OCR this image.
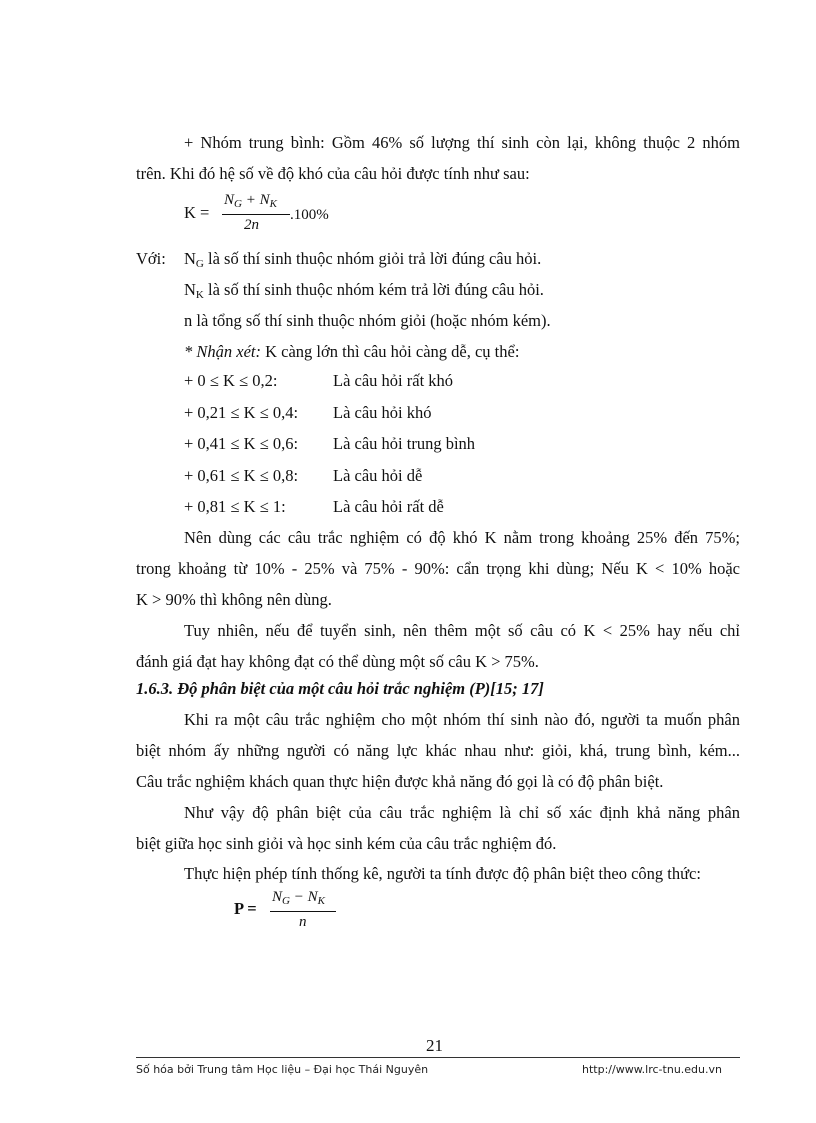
+ Nhóm trung bình: Gồm 46% số lượng thí sinh còn lại, không thuộc 2 nhóm
trên. Khi đó hệ số về độ khó của câu hỏi được tính như sau:
K =
$N_G + N_K$
2n
.100%
Với: $N_G$ là số thí sinh thuộc nhóm giỏi trả lời đúng câu hỏi.
$N_K$ là số thí sinh thuộc nhóm kém trả lời đúng câu hỏi.
n là tổng số thí sinh thuộc nhóm giỏi (hoặc nhóm kém).
* Nhận xét: K càng lớn thì câu hỏi càng dễ, cụ thể:
+ 0 ≤ K ≤ 0,2:	Là câu hỏi rất khó
+ 0,21 ≤ K ≤ 0,4: Là câu hỏi khó
+ 0,41 ≤ K ≤ 0,6: Là câu hỏi trung bình
+ 0,61 ≤ K ≤ 0,8: Là câu hỏi dễ
+ 0,81 ≤ K ≤ 1:	Là câu hỏi rất dễ
Nên dùng các câu trắc nghiệm có độ khó K nằm trong khoảng 25% đến 75%;
trong khoảng từ 10% - 25% và 75% - 90%: cẩn trọng khi dùng; Nếu K < 10% hoặc
K > 90% thì không nên dùng.
Tuy nhiên, nếu để tuyển sinh, nên thêm một số câu có K < 25% hay nếu chỉ
đánh giá đạt hay không đạt có thể dùng một số câu K > 75%.
1.6.3. Độ phân biệt của một câu hỏi trắc nghiệm (P)[15; 17]
Khi ra một câu trắc nghiệm cho một nhóm thí sinh nào đó, người ta muốn phân
biệt nhóm ấy những người có năng lực khác nhau như: giỏi, khá, trung bình, kém...
Câu trắc nghiệm khách quan thực hiện được khả năng đó gọi là có độ phân biệt.
Như vậy độ phân biệt của câu trắc nghiệm là chỉ số xác định khả năng phân
biệt giữa học sinh giỏi và học sinh kém của câu trắc nghiệm đó.
Thực hiện phép tính thống kê, người ta tính được độ phân biệt theo công thức:
P =
$N_G - N_K$
n
21
Số hóa bởi Trung tâm Học liệu – Đại học Thái Nguyên	http://www.lrc-tnu.edu.vn
